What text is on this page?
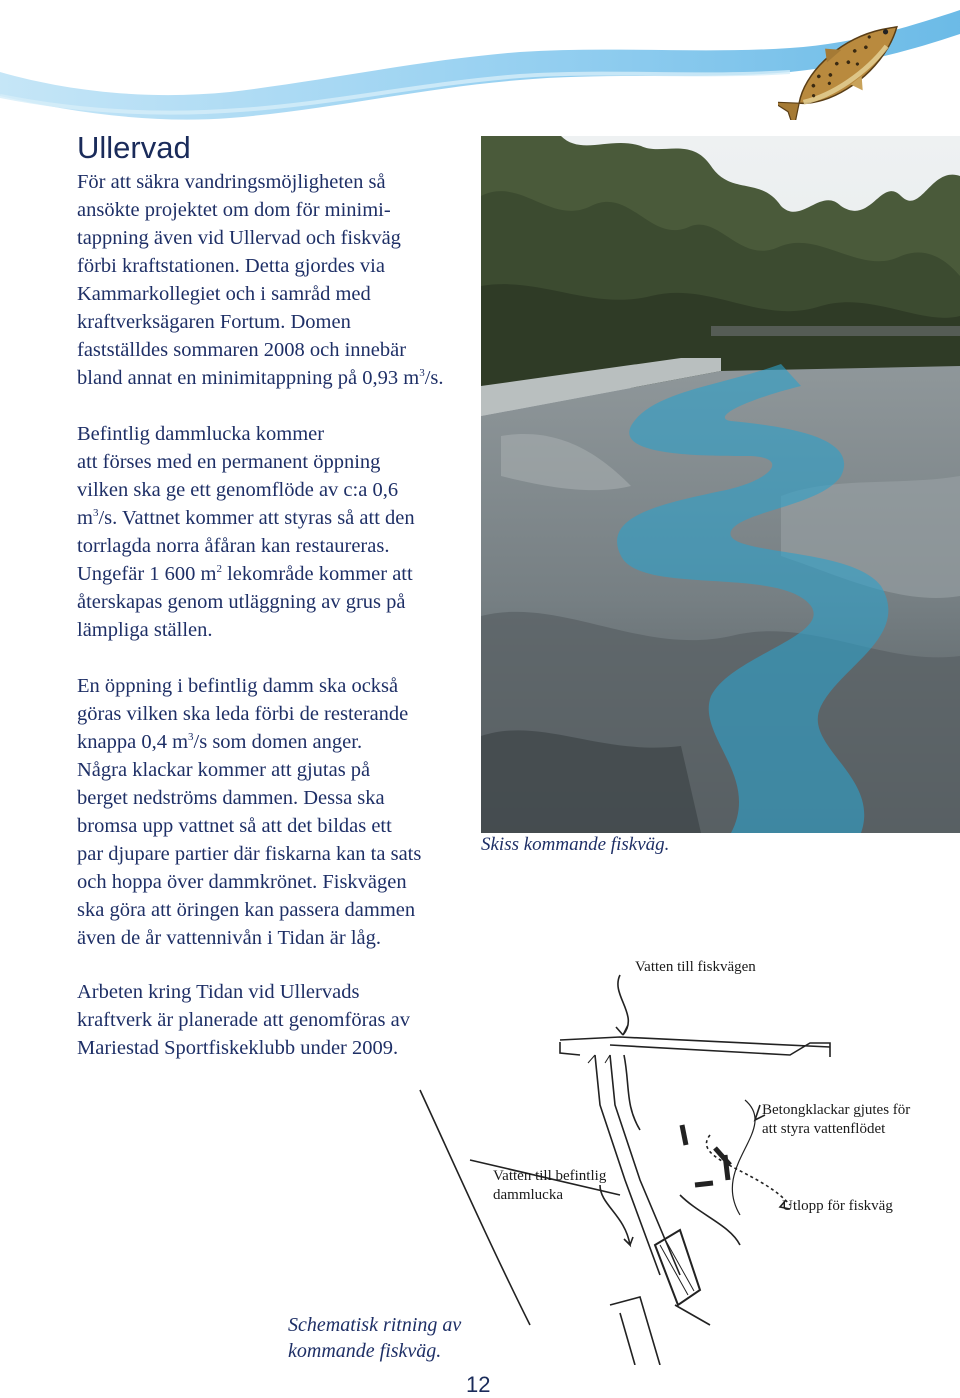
Ullervad

För att säkra vandringsmöjligheten så
ansökte projektet om dom för minimi-
tappning även vid Ullervad och fiskväg
förbi kraftstationen. Detta gjordes via
Kammarkollegiet och i samråd med
kraftverksägaren Fortum. Domen
fastställdes sommaren 2008 och innebär
bland annat en minimitappning på 0,93 $m^3/s$.

Befintlig dammlucka kommer
att förses med en permanent öppning
vilken ska ge ett genomflöde av c:a 0,6
$m^3/s$. Vattnet kommer att styras så att den
torrlagda norra åfåran kan restaureras.
Ungefär 1 600 $m^2$ lekområde kommer att
återskapas genom utläggning av grus på
lämpliga ställen.

En öppning i befintlig damm ska också
göras vilken ska leda förbi de resterande
knappa 0,4 $m^3/s$ som domen anger.
Några klackar kommer att gjutas på
berget nedströms dammen. Dessa ska
bromsa upp vattnet så att det bildas ett
par djupare partier där fiskarna kan ta sats
och hoppa över dammkrönet. Fiskvägen
ska göra att öringen kan passera dammen
även de år vattennivån i Tidan är låg.

Arbeten kring Tidan vid Ullervads
kraftverk är planerade att genomföras av
Mariestad Sportfiskeklubb under 2009.

Skiss kommande fiskväg.

Vatten till fiskvägen

Betongklackar gjutes för
att styra vattenflödet

Vatten till befintlig
dammlucka

Utlopp för fiskväg

Schematisk ritning av
kommande fiskväg.

12
